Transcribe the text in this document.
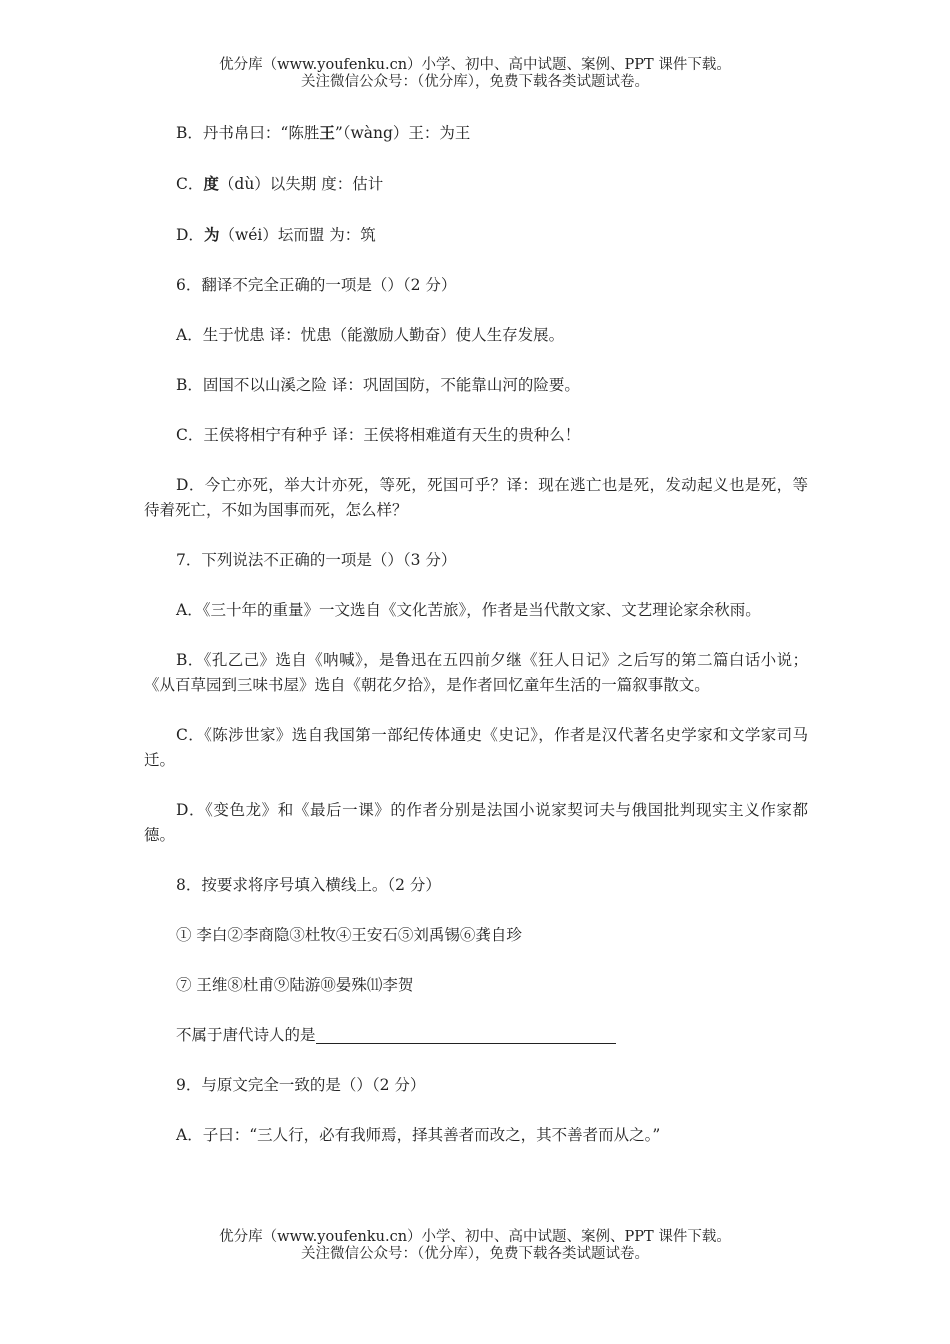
优分库（www.youfenku.cn）小学、初中、高中试题、案例、PPT 课件下载。
关注微信公众号：（优分库），免费下载各类试题试卷。

B．丹书帛曰：“陈胜王”（wàng）王：为王

C．度（dù）以失期 度：估计

D．为（wéi）坛而盟 为：筑

6．翻译不完全正确的一项是（）（2 分）

A．生于忧患 译：忧患（能激励人勤奋）使人生存发展。

B．固国不以山溪之险 译：巩固国防，不能靠山河的险要。

C．王侯将相宁有种乎 译：王侯将相难道有天生的贵种么！

D．今亡亦死，举大计亦死，等死，死国可乎？译：现在逃亡也是死，发动起义也是死，等待着死亡，不如为国事而死，怎么样？

7．下列说法不正确的一项是（）（3 分）

A．《三十年的重量》一文选自《文化苦旅》，作者是当代散文家、文艺理论家余秋雨。

B．《孔乙己》选自《呐喊》，是鲁迅在五四前夕继《狂人日记》之后写的第二篇白话小说；《从百草园到三味书屋》选自《朝花夕拾》，是作者回忆童年生活的一篇叙事散文。

C．《陈涉世家》选自我国第一部纪传体通史《史记》，作者是汉代著名史学家和文学家司马迁。

D．《变色龙》和《最后一课》的作者分别是法国小说家契诃夫与俄国批判现实主义作家都德。

8．按要求将序号填入横线上。（2 分）

① 李白②李商隐③杜牧④王安石⑤刘禹锡⑥龚自珍

⑦ 王维⑧杜甫⑨陆游⑩晏殊⑾李贺

不属于唐代诗人的是

9．与原文完全一致的是（）（2 分）

A．子曰：“三人行，必有我师焉，择其善者而改之，其不善者而从之。”

优分库（www.youfenku.cn）小学、初中、高中试题、案例、PPT 课件下载。
关注微信公众号：（优分库），免费下载各类试题试卷。
